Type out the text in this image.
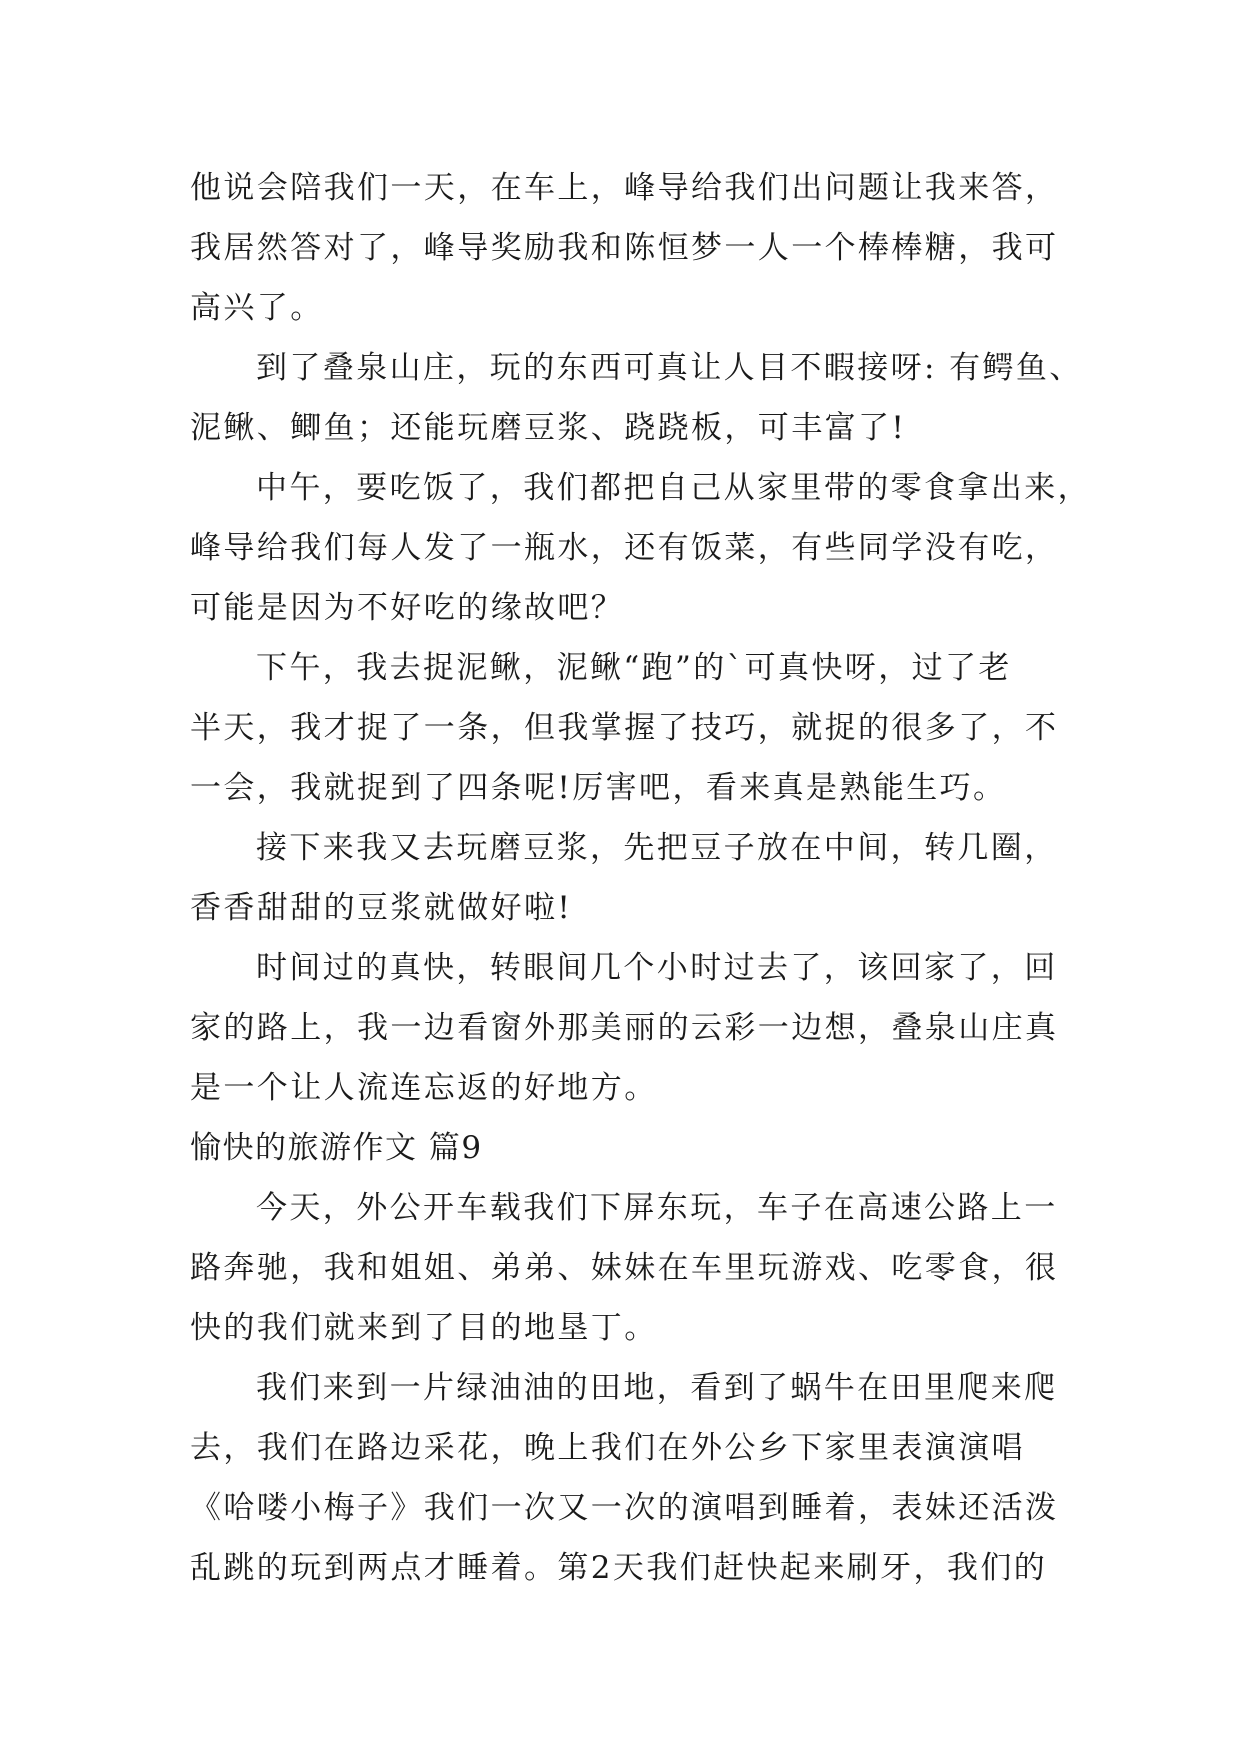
他说会陪我们一天，在车上，峰导给我们出问题让我来答，
我居然答对了，峰导奖励我和陈恒梦一人一个棒棒糖，我可
高兴了。
到了叠泉山庄，玩的东西可真让人目不暇接呀: 有鳄鱼、
泥鳅、鲫鱼；还能玩磨豆浆、跷跷板，可丰富了!
中午，要吃饭了，我们都把自己从家里带的零食拿出来，
峰导给我们每人发了一瓶水，还有饭菜，有些同学没有吃，
可能是因为不好吃的缘故吧？
下午，我去捉泥鳅，泥鳅“跑”的`可真快呀，过了老
半天，我才捉了一条，但我掌握了技巧，就捉的很多了，不
一会，我就捉到了四条呢!厉害吧，看来真是熟能生巧。
接下来我又去玩磨豆浆，先把豆子放在中间，转几圈，
香香甜甜的豆浆就做好啦!
时间过的真快，转眼间几个小时过去了，该回家了，回
家的路上，我一边看窗外那美丽的云彩一边想，叠泉山庄真
是一个让人流连忘返的好地方。
愉快的旅游作文 篇9
今天，外公开车载我们下屏东玩，车子在高速公路上一
路奔驰，我和姐姐、弟弟、妹妹在车里玩游戏、吃零食，很
快的我们就来到了目的地垦丁。
我们来到一片绿油油的田地，看到了蜗牛在田里爬来爬
去，我们在路边采花，晚上我们在外公乡下家里表演演唱
《哈喽小梅子》我们一次又一次的演唱到睡着，表妹还活泼
乱跳的玩到两点才睡着。第2天我们赶快起来刷牙，我们的
